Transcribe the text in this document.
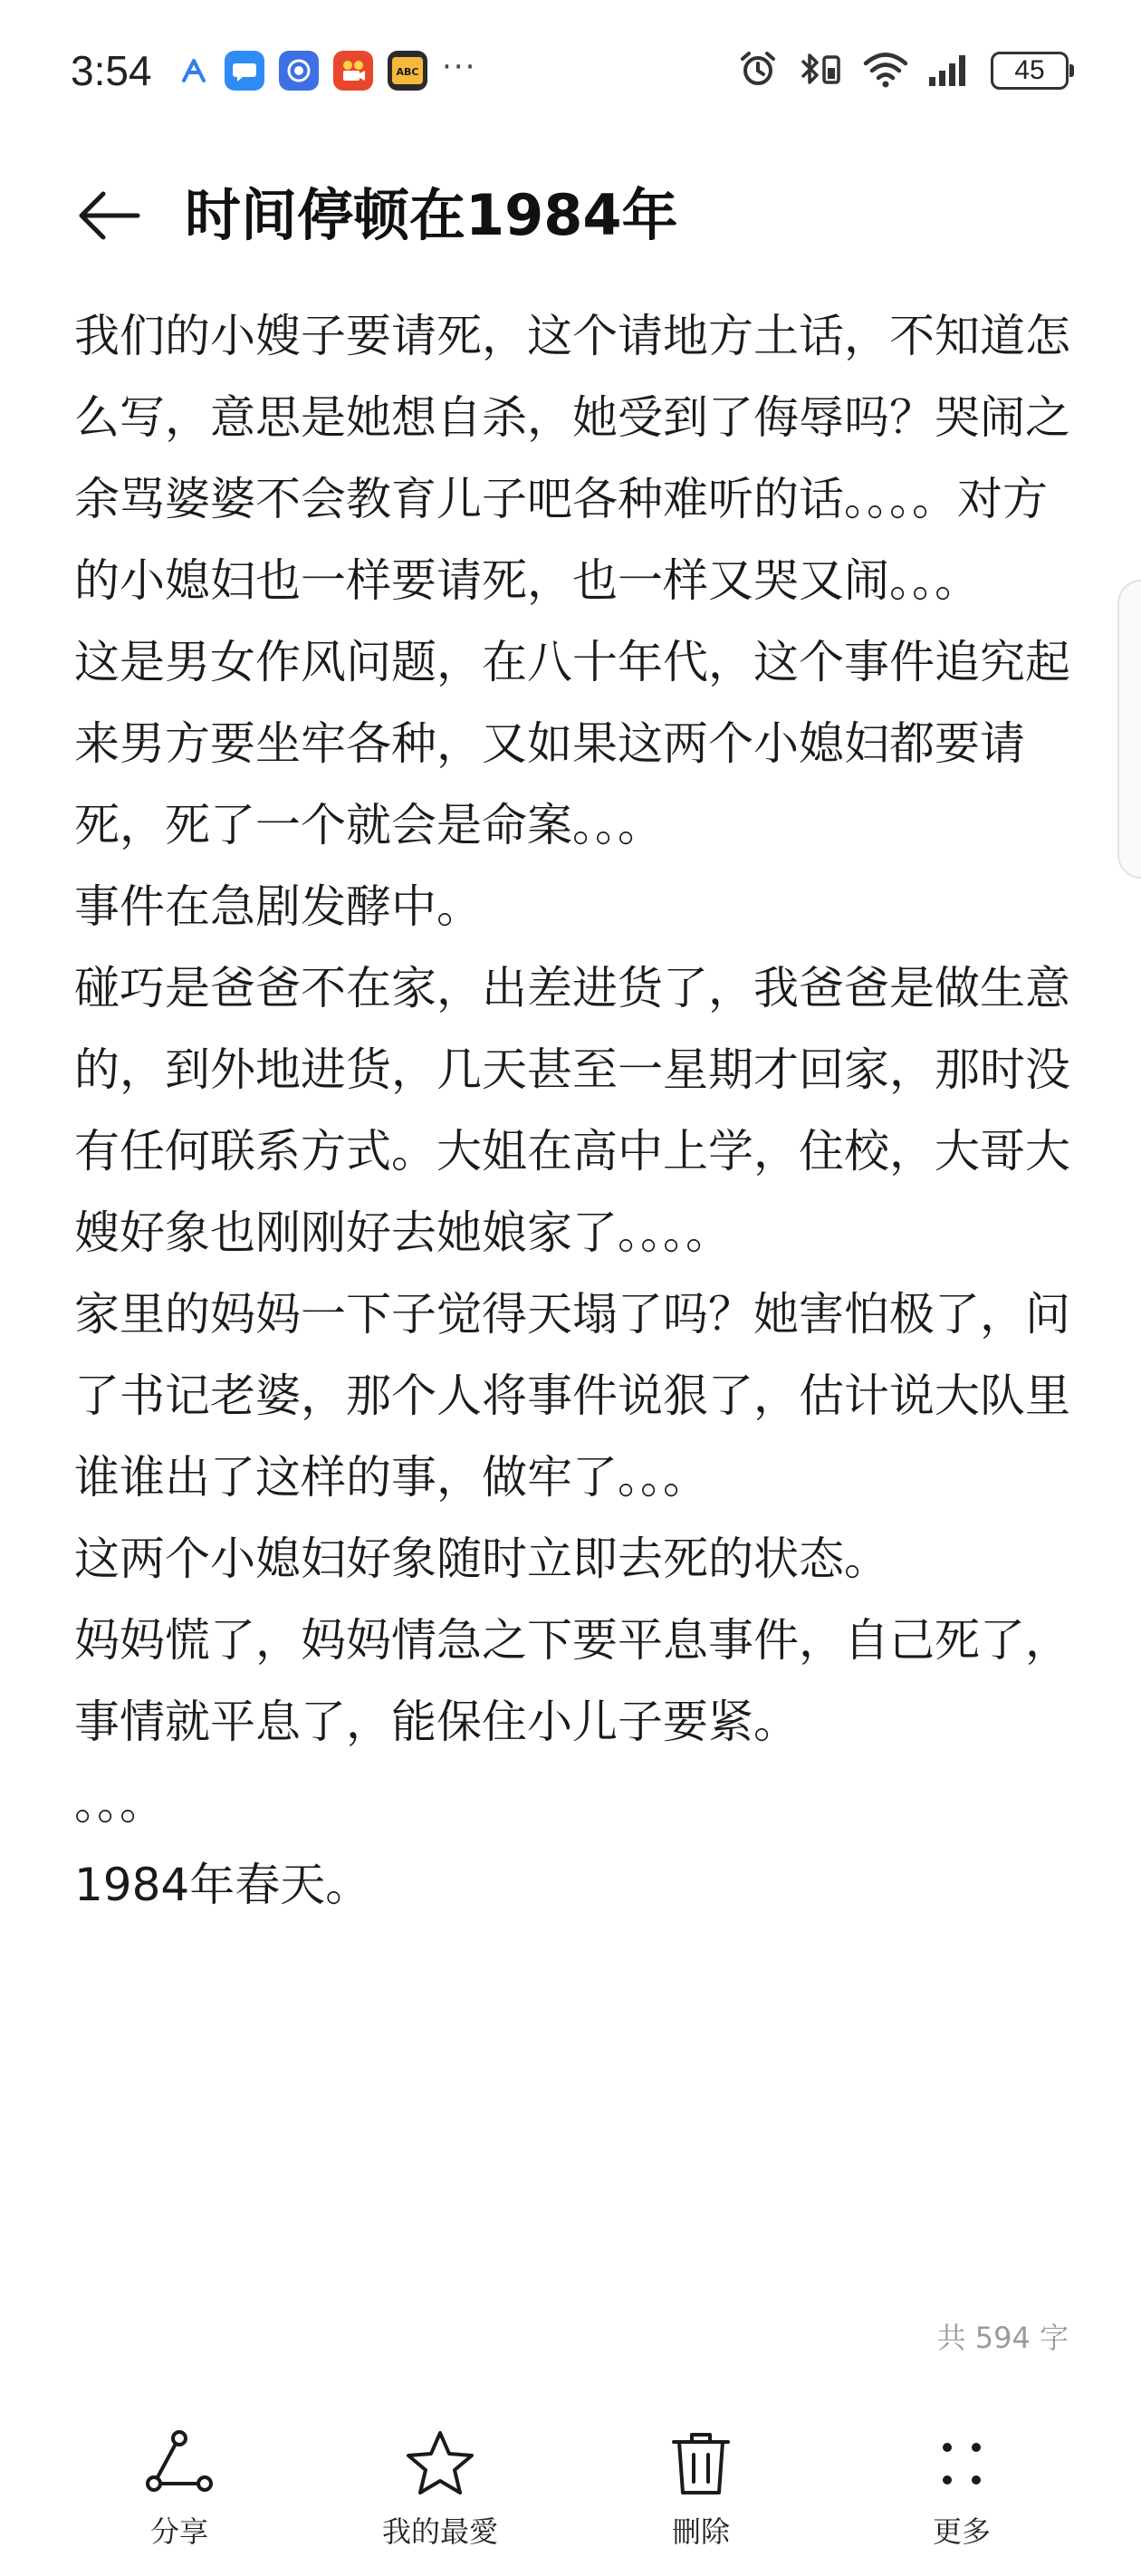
3:54	ABC ···	45
时间停顿在1984年
我们的小嫂子要请死，这个请地方土话，不知道怎么写，意思是她想自杀，她受到了侮辱吗？哭闹之余骂婆婆不会教育儿子吧各种难听的话。。。。对方的小媳妇也一样要请死，也一样又哭又闹。。。
这是男女作风问题，在八十年代，这个事件追究起来男方要坐牢各种，又如果这两个小媳妇都要请死，死了一个就会是命案。。。
事件在急剧发酵中。
碰巧是爸爸不在家，出差进货了，我爸爸是做生意的，到外地进货，几天甚至一星期才回家，那时没有任何联系方式。大姐在高中上学，住校，大哥大嫂好象也刚刚好去她娘家了。。。。
家里的妈妈一下子觉得天塌了吗？她害怕极了，问了书记老婆，那个人将事件说狠了，估计说大队里谁谁出了这样的事，做牢了。。。
这两个小媳妇好象随时立即去死的状态。
妈妈慌了，妈妈情急之下要平息事件，自己死了，事情就平息了，能保住小儿子要紧。
。。。
1984年春天。
共 594 字
分享	我的最愛	刪除	更多
